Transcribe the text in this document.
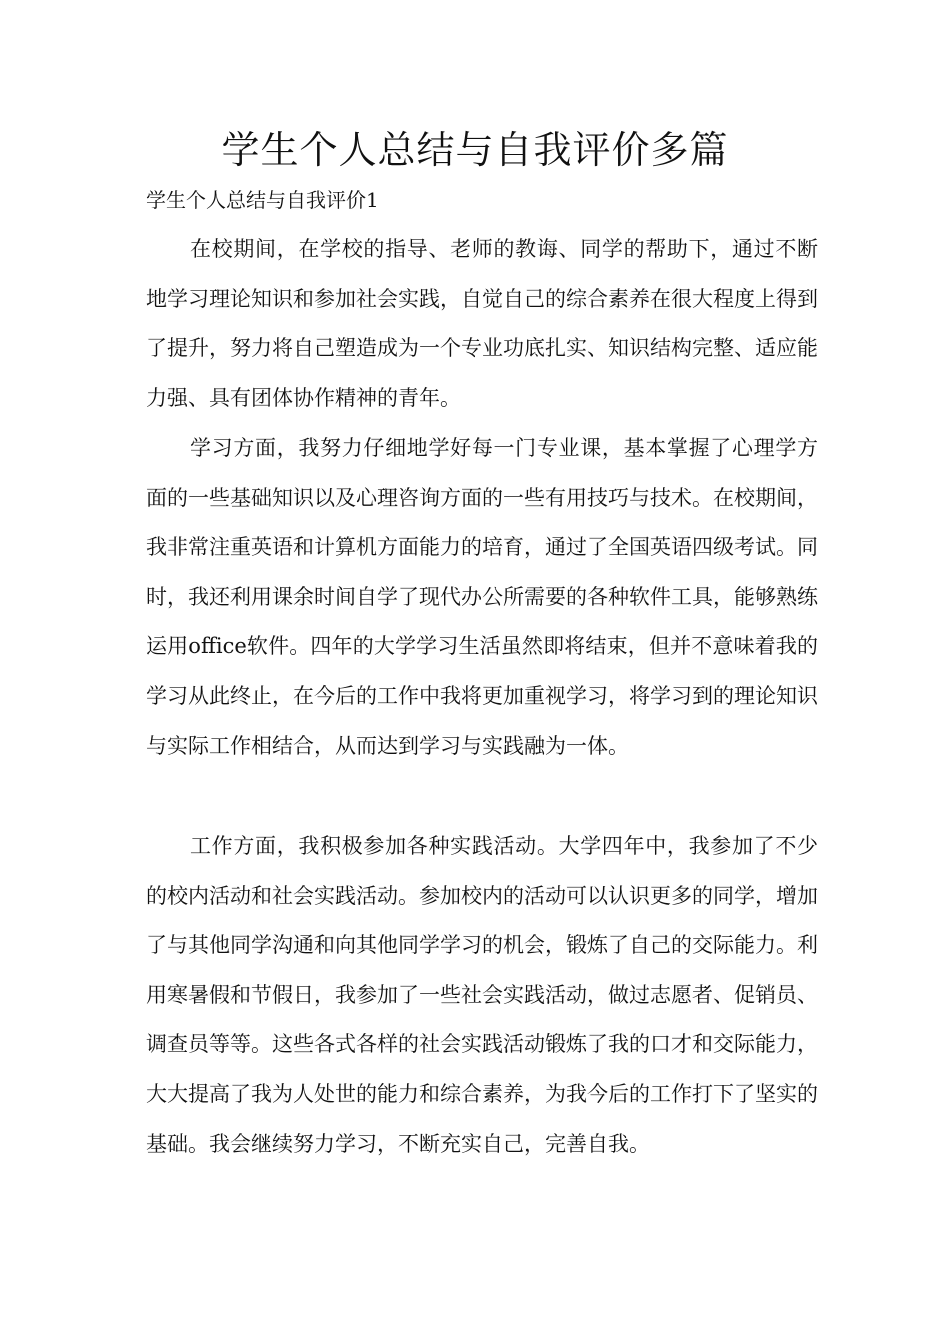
学生个人总结与自我评价多篇

学生个人总结与自我评价1

在校期间，在学校的指导、老师的教诲、同学的帮助下，通过不断地学习理论知识和参加社会实践，自觉自己的综合素养在很大程度上得到了提升，努力将自己塑造成为一个专业功底扎实、知识结构完整、适应能力强、具有团体协作精神的青年。

学习方面，我努力仔细地学好每一门专业课，基本掌握了心理学方面的一些基础知识以及心理咨询方面的一些有用技巧与技术。在校期间，我非常注重英语和计算机方面能力的培育，通过了全国英语四级考试。同时，我还利用课余时间自学了现代办公所需要的各种软件工具，能够熟练运用office软件。四年的大学学习生活虽然即将结束，但并不意味着我的学习从此终止，在今后的工作中我将更加重视学习，将学习到的理论知识与实际工作相结合，从而达到学习与实践融为一体。

工作方面，我积极参加各种实践活动。大学四年中，我参加了不少的校内活动和社会实践活动。参加校内的活动可以认识更多的同学，增加了与其他同学沟通和向其他同学学习的机会，锻炼了自己的交际能力。利用寒暑假和节假日，我参加了一些社会实践活动，做过志愿者、促销员、调查员等等。这些各式各样的社会实践活动锻炼了我的口才和交际能力，大大提高了我为人处世的能力和综合素养，为我今后的工作打下了坚实的基础。我会继续努力学习，不断充实自己，完善自我。
